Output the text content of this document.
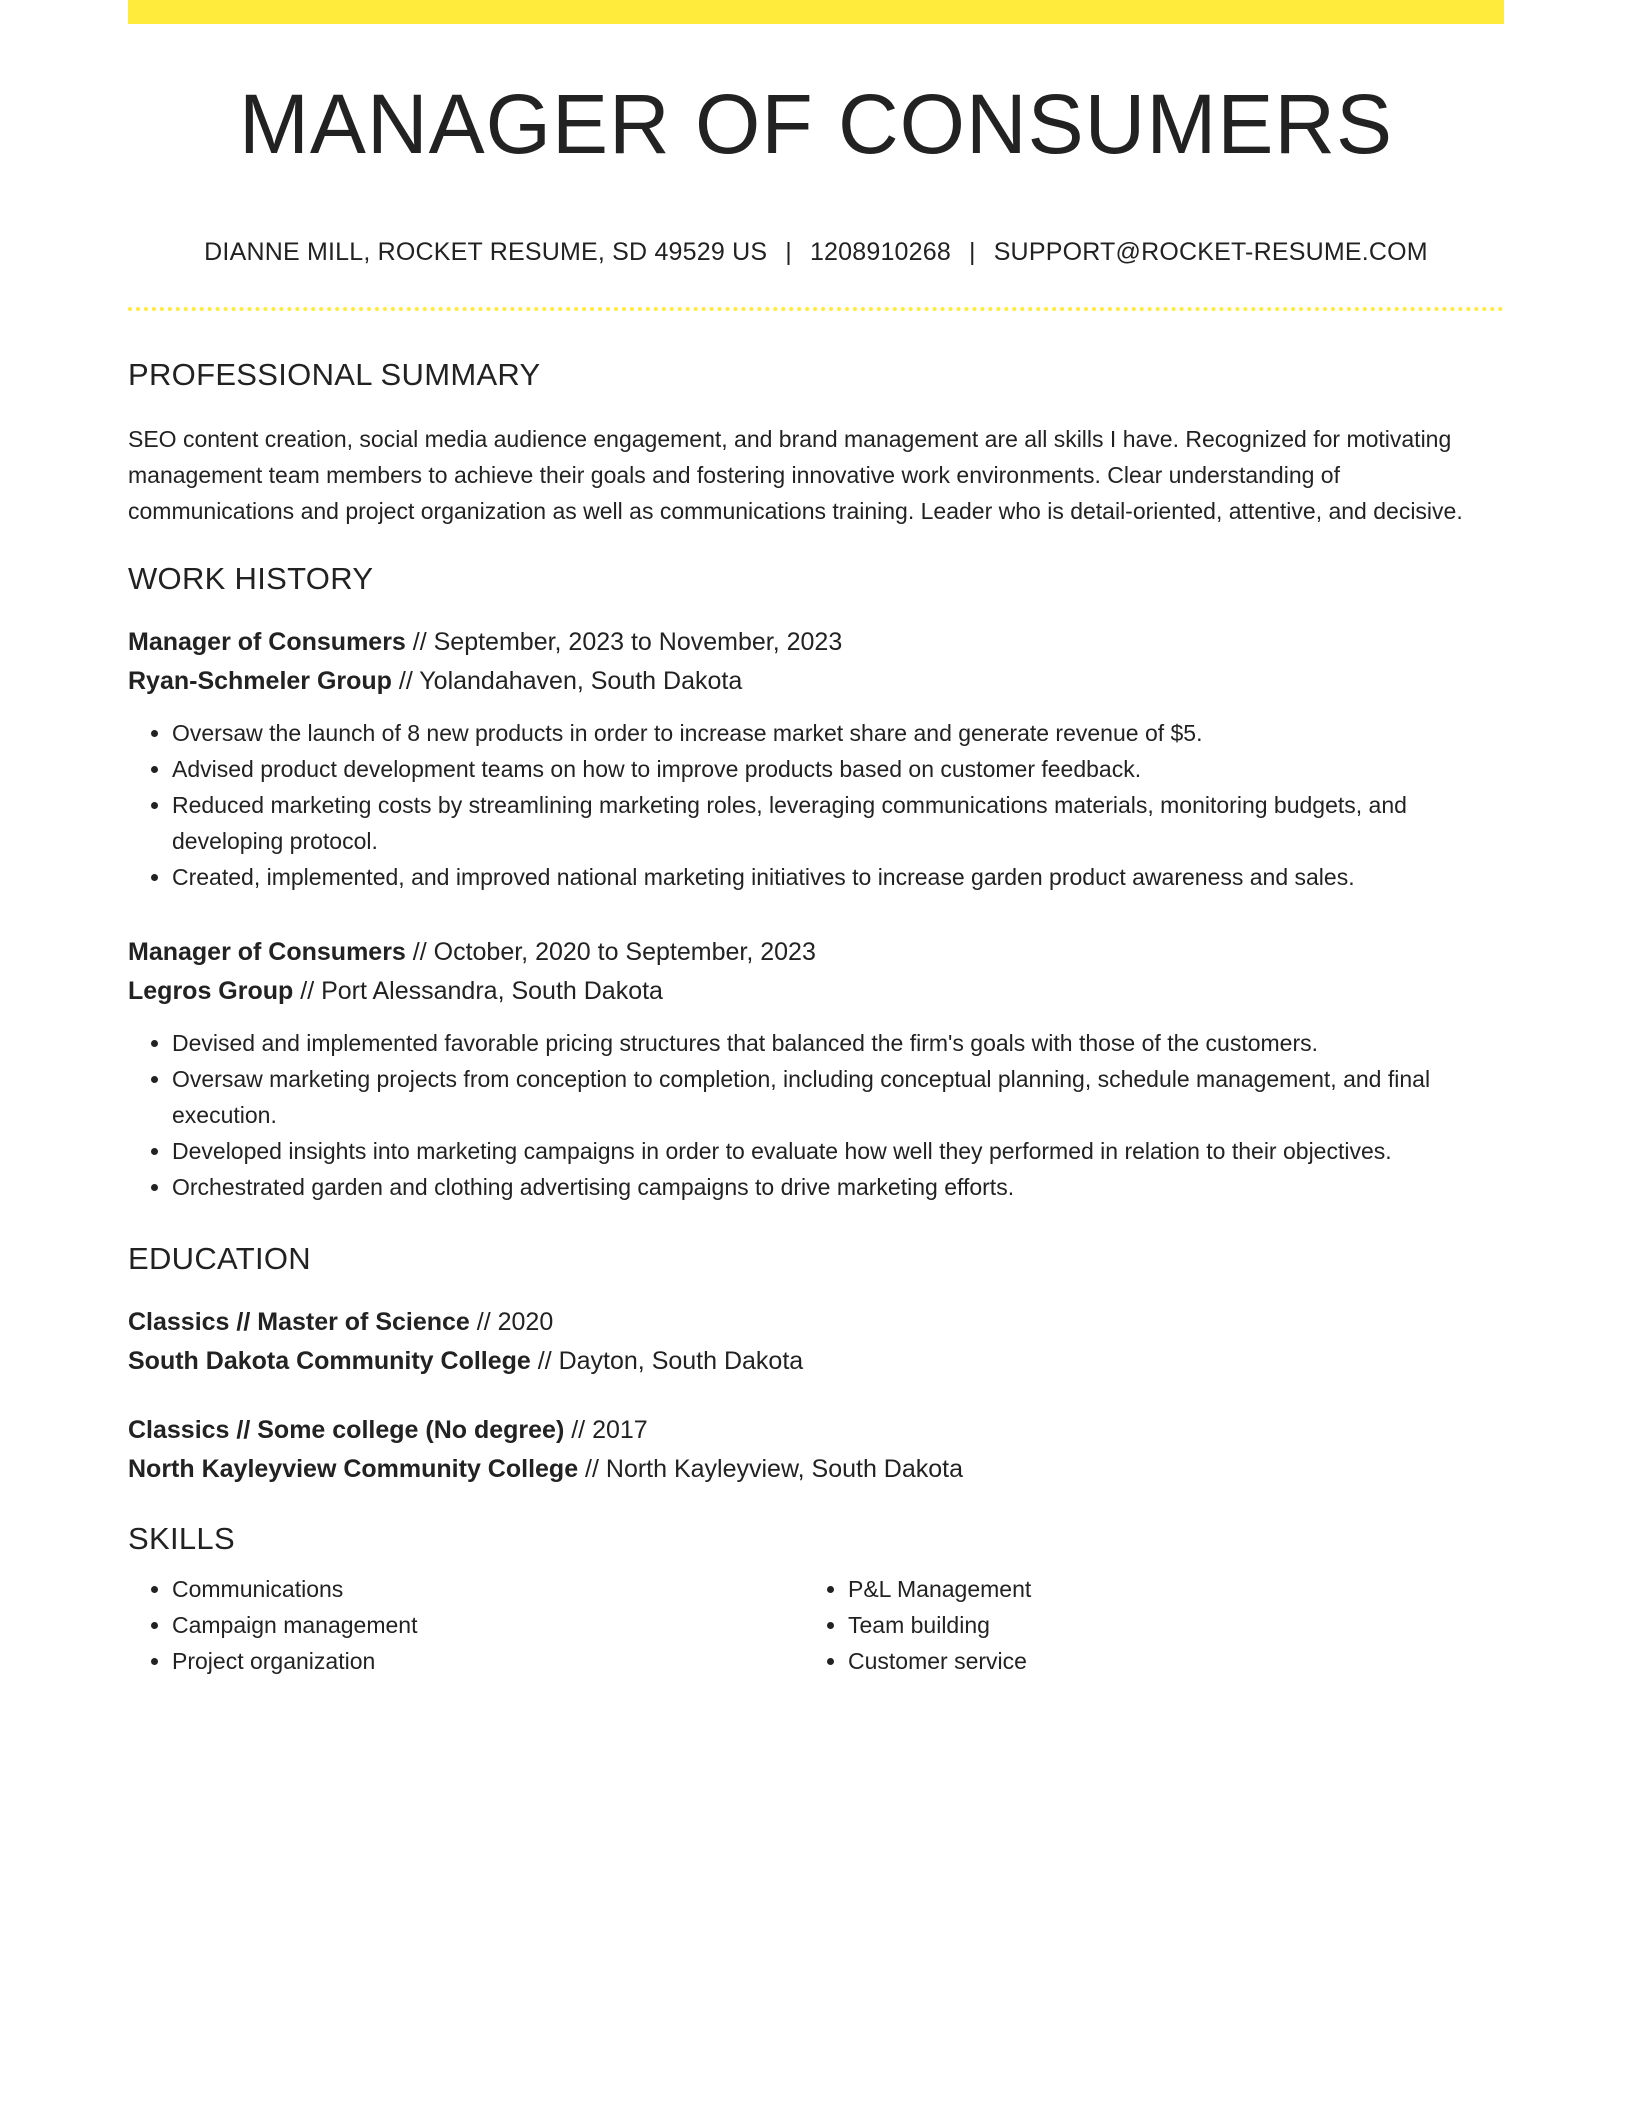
MANAGER OF CONSUMERS
DIANNE MILL, ROCKET RESUME, SD 49529 US | 1208910268 | SUPPORT@ROCKET-RESUME.COM
PROFESSIONAL SUMMARY

SEO content creation, social media audience engagement, and brand management are all skills I have. Recognized for motivating management team members to achieve their goals and fostering innovative work environments. Clear understanding of communications and project organization as well as communications training. Leader who is detail-oriented, attentive, and decisive.

WORK HISTORY
Manager of Consumers // September, 2023 to November, 2023
Ryan-Schmeler Group // Yolandahaven, South Dakota
• Oversaw the launch of 8 new products in order to increase market share and generate revenue of $5.
• Advised product development teams on how to improve products based on customer feedback.
• Reduced marketing costs by streamlining marketing roles, leveraging communications materials, monitoring budgets, and developing protocol.
• Created, implemented, and improved national marketing initiatives to increase garden product awareness and sales.
Manager of Consumers // October, 2020 to September, 2023
Legros Group // Port Alessandra, South Dakota
• Devised and implemented favorable pricing structures that balanced the firm's goals with those of the customers.
• Oversaw marketing projects from conception to completion, including conceptual planning, schedule management, and final execution.
• Developed insights into marketing campaigns in order to evaluate how well they performed in relation to their objectives.
• Orchestrated garden and clothing advertising campaigns to drive marketing efforts.
EDUCATION
Classics // Master of Science // 2020
South Dakota Community College // Dayton, South Dakota
Classics // Some college (No degree) // 2017
North Kayleyview Community College // North Kayleyview, South Dakota
SKILLS
• Communications
• Campaign management
• Project organization
• P&L Management
• Team building
• Customer service
